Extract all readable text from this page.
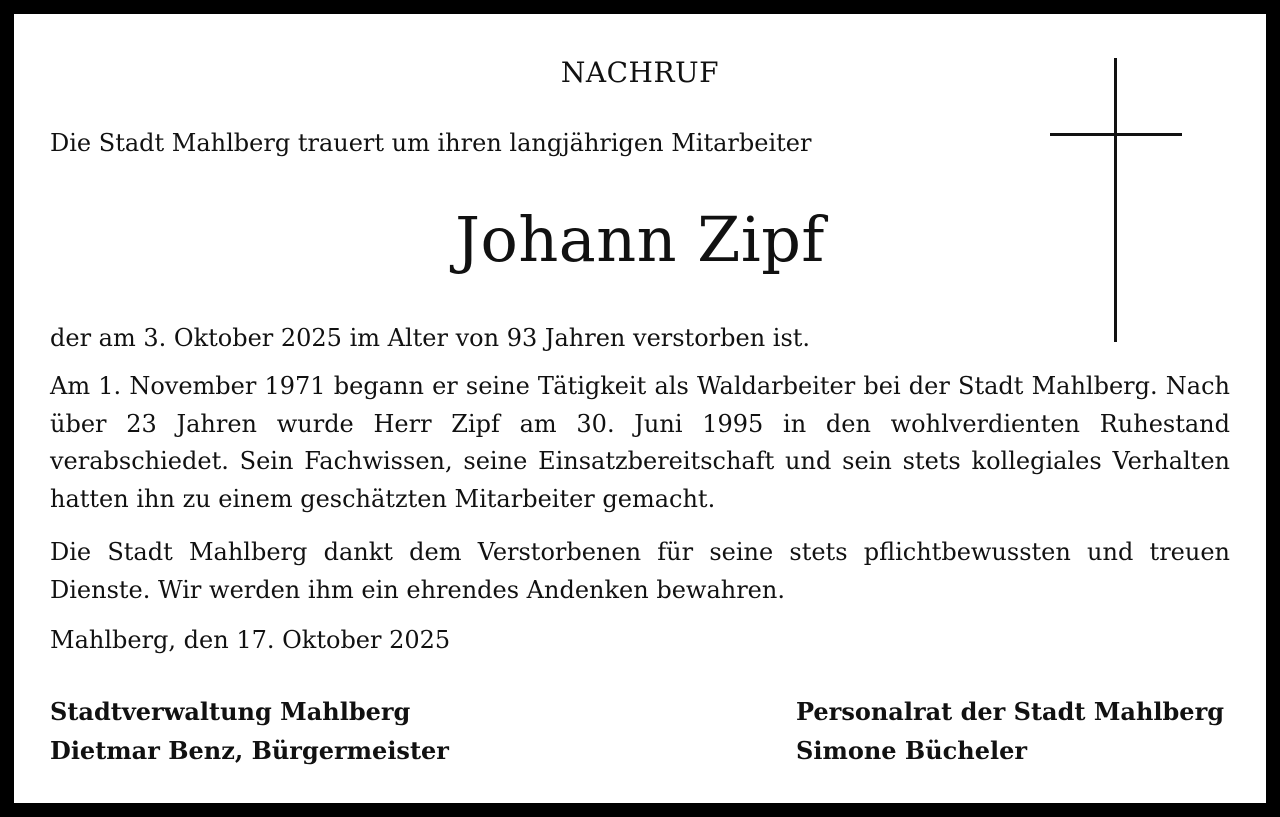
NACHRUF
Die Stadt Mahlberg trauert um ihren langjährigen Mitarbeiter
Johann Zipf
der am 3. Oktober 2025 im Alter von 93 Jahren verstorben ist.
Am 1. November 1971 begann er seine Tätigkeit als Waldarbeiter bei der Stadt Mahlberg. Nach über 23 Jahren wurde Herr Zipf am 30. Juni 1995 in den wohlverdienten Ruhestand verabschiedet. Sein Fachwissen, seine Einsatzbereitschaft und sein stets kollegiales Verhalten hatten ihn zu einem geschätzten Mitarbeiter gemacht.
Die Stadt Mahlberg dankt dem Verstorbenen für seine stets pflichtbewussten und treuen Dienste. Wir werden ihm ein ehrendes Andenken bewahren.
Mahlberg, den 17. Oktober 2025
Stadtverwaltung Mahlberg
Dietmar Benz, Bürgermeister
Personalrat der Stadt Mahlberg
Simone Bücheler
